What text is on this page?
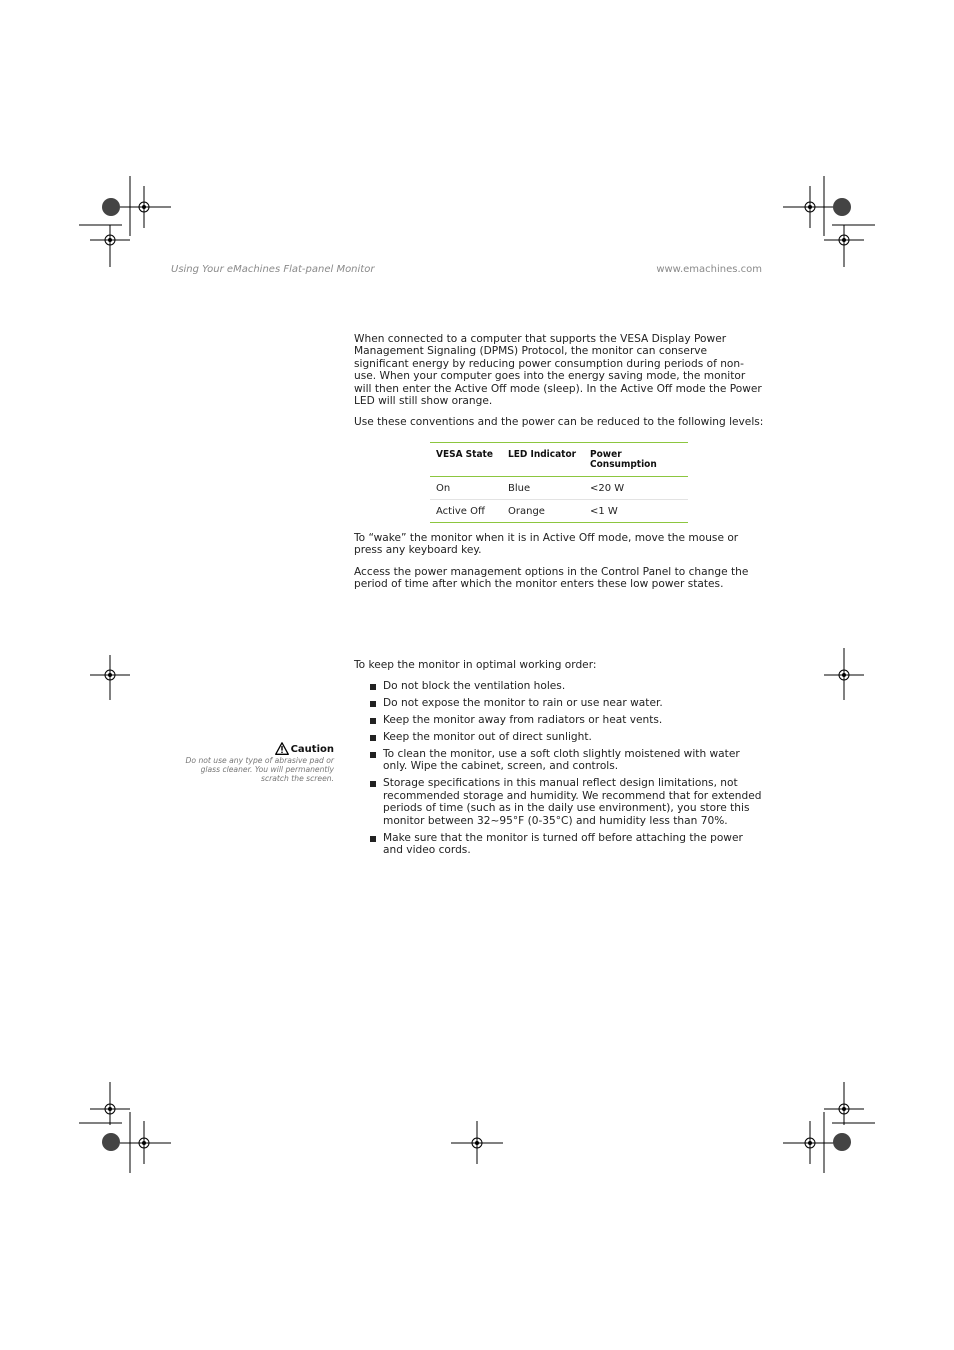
Using Your eMachines Flat-panel Monitor	www.emachines.com

When connected to a computer that supports the VESA Display Power Management Signaling (DPMS) Protocol, the monitor can conserve significant energy by reducing power consumption during periods of non-use. When your computer goes into the energy saving mode, the monitor will then enter the Active Off mode (sleep). In the Active Off mode the Power LED will still show orange.

Use these conventions and the power can be reduced to the following levels:

VESA State	LED Indicator	Power Consumption
On	Blue	<20 W
Active Off	Orange	<1 W

To “wake” the monitor when it is in Active Off mode, move the mouse or press any keyboard key.

Access the power management options in the Control Panel to change the period of time after which the monitor enters these low power states.

To keep the monitor in optimal working order:

Caution
Do not use any type of abrasive pad or glass cleaner. You will permanently scratch the screen.
Do not block the ventilation holes.
Do not expose the monitor to rain or use near water.
Keep the monitor away from radiators or heat vents.
Keep the monitor out of direct sunlight.
To clean the monitor, use a soft cloth slightly moistened with water only. Wipe the cabinet, screen, and controls.
Storage specifications in this manual reflect design limitations, not recommended storage and humidity. We recommend that for extended periods of time (such as in the daily use environment), you store this monitor between 32~95°F (0-35°C) and humidity less than 70%.
Make sure that the monitor is turned off before attaching the power and video cords.
